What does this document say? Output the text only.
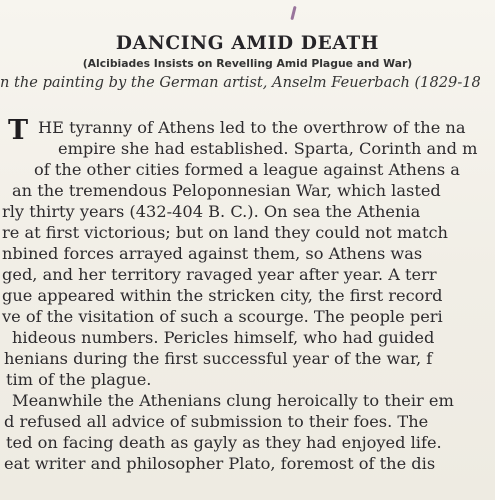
DANCING AMID DEATH
(Alcibiades Insists on Revelling Amid Plague and War)
n the painting by the German artist, Anselm Feuerbach (1829-18
T HE tyranny of Athens led to the overthrow of the na
empire she had established. Sparta, Corinth and m
of the other cities formed a league against Athens a
an the tremendous Peloponnesian War, which lasted
rly thirty years (432-404 B. C.). On sea the Athenia
re at first victorious; but on land they could not match
nbined forces arrayed against them, so Athens was
ged, and her territory ravaged year after year. A terr
gue appeared within the stricken city, the first record
ve of the visitation of such a scourge. The people peri
hideous numbers. Pericles himself, who had guided
henians during the first successful year of the war, f
tim of the plague.
Meanwhile the Athenians clung heroically to their em
d refused all advice of submission to their foes. The
ted on facing death as gayly as they had enjoyed life.
eat writer and philosopher Plato, foremost of the dis
